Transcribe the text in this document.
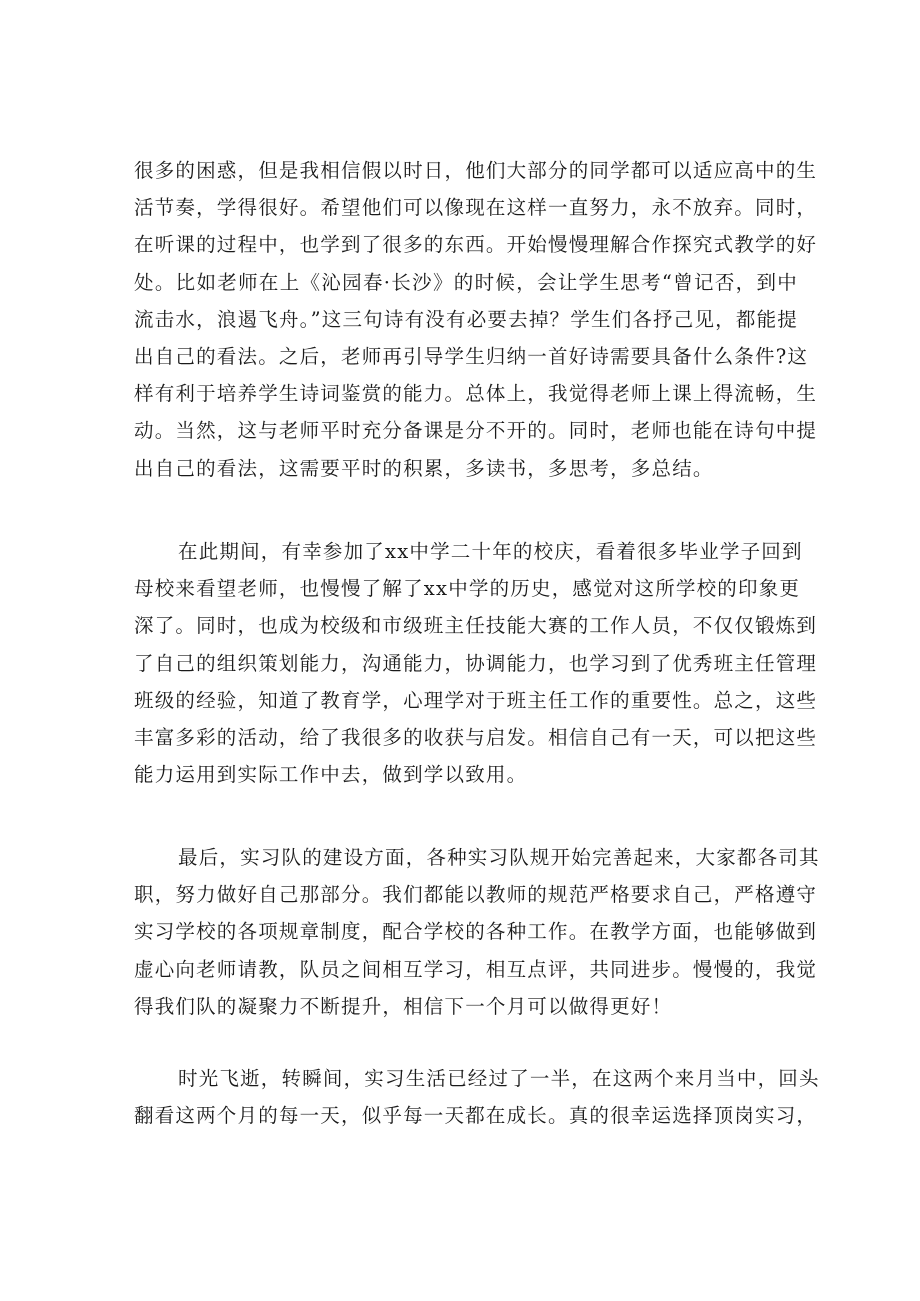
很多的困惑，但是我相信假以时日，他们大部分的同学都可以适应高中的生
活节奏，学得很好。希望他们可以像现在这样一直努力，永不放弃。同时，
在听课的过程中，也学到了很多的东西。开始慢慢理解合作探究式教学的好
处。比如老师在上《沁园春·长沙》的时候，会让学生思考“曾记否，到中
流击水，浪遏飞舟。”这三句诗有没有必要去掉？学生们各抒己见，都能提
出自己的看法。之后，老师再引导学生归纳一首好诗需要具备什么条件?这
样有利于培养学生诗词鉴赏的能力。总体上，我觉得老师上课上得流畅，生
动。当然，这与老师平时充分备课是分不开的。同时，老师也能在诗句中提
出自己的看法，这需要平时的积累，多读书，多思考，多总结。
在此期间，有幸参加了xx中学二十年的校庆，看着很多毕业学子回到
母校来看望老师，也慢慢了解了xx中学的历史，感觉对这所学校的印象更
深了。同时，也成为校级和市级班主任技能大赛的工作人员，不仅仅锻炼到
了自己的组织策划能力，沟通能力，协调能力，也学习到了优秀班主任管理
班级的经验，知道了教育学，心理学对于班主任工作的重要性。总之，这些
丰富多彩的活动，给了我很多的收获与启发。相信自己有一天，可以把这些
能力运用到实际工作中去，做到学以致用。
最后，实习队的建设方面，各种实习队规开始完善起来，大家都各司其
职，努力做好自己那部分。我们都能以教师的规范严格要求自己，严格遵守
实习学校的各项规章制度，配合学校的各种工作。在教学方面，也能够做到
虚心向老师请教，队员之间相互学习，相互点评，共同进步。慢慢的，我觉
得我们队的凝聚力不断提升，相信下一个月可以做得更好！
时光飞逝，转瞬间，实习生活已经过了一半，在这两个来月当中，回头
翻看这两个月的每一天，似乎每一天都在成长。真的很幸运选择顶岗实习，
